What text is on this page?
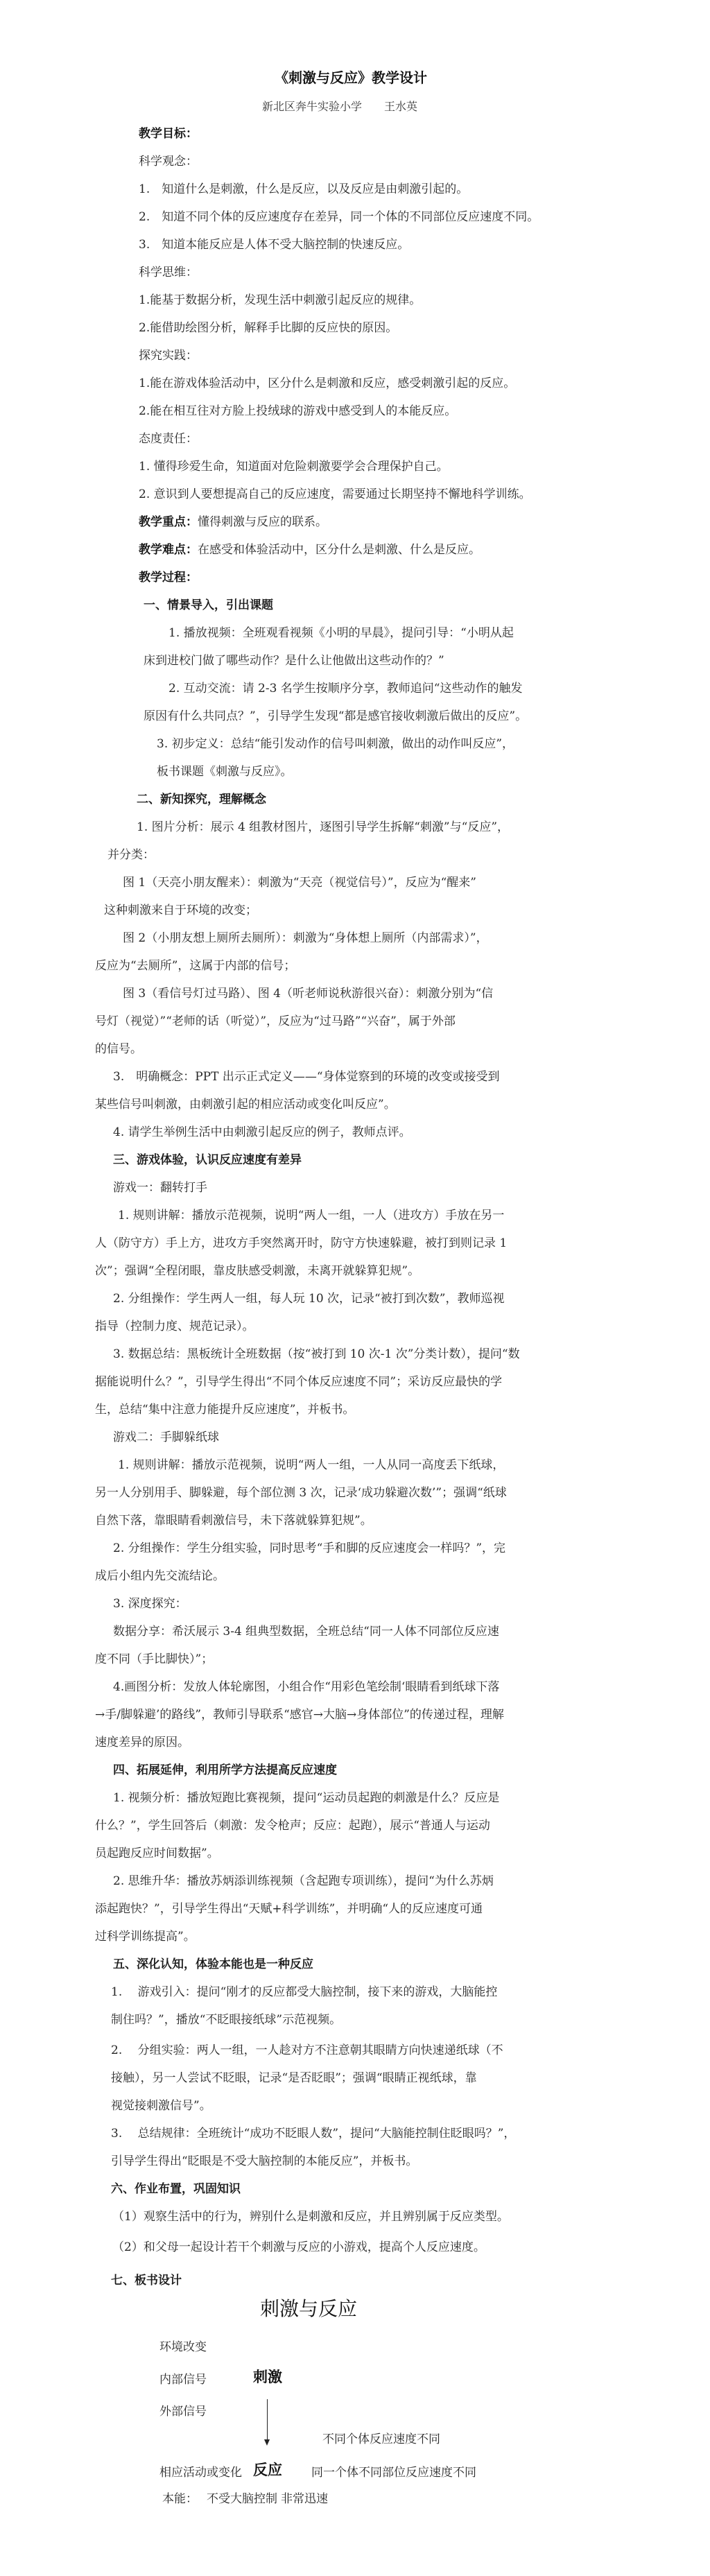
《刺激与反应》教学设计
新北区奔牛实验小学　　王水英
教学目标：
科学观念：
1.　知道什么是刺激，什么是反应，以及反应是由刺激引起的。
2.　知道不同个体的反应速度存在差异，同一个体的不同部位反应速度不同。
3.　知道本能反应是人体不受大脑控制的快速反应。
科学思维：
1.能基于数据分析，发现生活中刺激引起反应的规律。
2.能借助绘图分析，解释手比脚的反应快的原因。
探究实践：
1.能在游戏体验活动中，区分什么是刺激和反应，感受刺激引起的反应。
2.能在相互往对方脸上投绒球的游戏中感受到人的本能反应。
态度责任：
1. 懂得珍爱生命，知道面对危险刺激要学会合理保护自己。
2. 意识到人要想提高自己的反应速度，需要通过长期坚持不懈地科学训练。
教学重点：懂得刺激与反应的联系。
教学难点：在感受和体验活动中，区分什么是刺激、什么是反应。
教学过程：
一、情景导入，引出课题
1. 播放视频：全班观看视频《小明的早晨》，提问引导：“小明从起
床到进校门做了哪些动作？是什么让他做出这些动作的？”
2. 互动交流：请 2-3 名学生按顺序分享，教师追问“这些动作的触发
原因有什么共同点？”，引导学生发现“都是感官接收刺激后做出的反应”。
3. 初步定义：总结“能引发动作的信号叫刺激，做出的动作叫反应”，
板书课题《刺激与反应》。
二、新知探究，理解概念
1. 图片分析：展示 4 组教材图片，逐图引导学生拆解“刺激”与“反应”，
并分类：
图 1（天亮小朋友醒来）：刺激为“天亮（视觉信号）”，反应为“醒来”
这种刺激来自于环境的改变；
图 2（小朋友想上厕所去厕所）：刺激为“身体想上厕所（内部需求）”，
反应为“去厕所”，这属于内部的信号；
图 3（看信号灯过马路）、图 4（听老师说秋游很兴奋）：刺激分别为“信
号灯（视觉）”“老师的话（听觉）”，反应为“过马路”“兴奋”，属于外部
的信号。
3.　明确概念：PPT 出示正式定义——“身体觉察到的环境的改变或接受到
某些信号叫刺激，由刺激引起的相应活动或变化叫反应”。
4. 请学生举例生活中由刺激引起反应的例子，教师点评。
三、游戏体验，认识反应速度有差异
游戏一：翻转打手
1. 规则讲解：播放示范视频，说明“两人一组，一人（进攻方）手放在另一
人（防守方）手上方，进攻方手突然离开时，防守方快速躲避，被打到则记录 1
次”；强调“全程闭眼，靠皮肤感受刺激，未离开就躲算犯规”。
2. 分组操作：学生两人一组，每人玩 10 次，记录“被打到次数”，教师巡视
指导（控制力度、规范记录）。
3. 数据总结：黑板统计全班数据（按“被打到 10 次-1 次”分类计数），提问“数
据能说明什么？”，引导学生得出“不同个体反应速度不同”；采访反应最快的学
生，总结“集中注意力能提升反应速度”，并板书。
游戏二：手脚躲纸球
1. 规则讲解：播放示范视频，说明“两人一组，一人从同一高度丢下纸球，
另一人分别用手、脚躲避，每个部位测 3 次，记录‘成功躲避次数’”；强调“纸球
自然下落，靠眼睛看刺激信号，未下落就躲算犯规”。
2. 分组操作：学生分组实验，同时思考“手和脚的反应速度会一样吗？”，完
成后小组内先交流结论。
3. 深度探究：
数据分享：希沃展示 3-4 组典型数据，全班总结“同一人体不同部位反应速
度不同（手比脚快）”；
4.画图分析：发放人体轮廓图，小组合作“用彩色笔绘制‘眼睛看到纸球下落
→手/脚躲避’的路线”，教师引导联系“感官→大脑→身体部位”的传递过程，理解
速度差异的原因。
四、拓展延伸，利用所学方法提高反应速度
1. 视频分析：播放短跑比赛视频，提问“运动员起跑的刺激是什么？反应是
什么？”，学生回答后（刺激：发令枪声；反应：起跑），展示“普通人与运动
员起跑反应时间数据”。
2. 思维升华：播放苏炳添训练视频（含起跑专项训练），提问“为什么苏炳
添起跑快？”，引导学生得出“天赋+科学训练”，并明确“人的反应速度可通
过科学训练提高”。
五、深化认知，体验本能也是一种反应
1.　 游戏引入：提问“刚才的反应都受大脑控制，接下来的游戏，大脑能控
制住吗？”，播放“不眨眼接纸球”示范视频。
2.　 分组实验：两人一组，一人趁对方不注意朝其眼睛方向快速递纸球（不
接触），另一人尝试不眨眼，记录“是否眨眼”；强调“眼睛正视纸球，靠
视觉接刺激信号”。
3.　 总结规律：全班统计“成功不眨眼人数”，提问“大脑能控制住眨眼吗？”，
引导学生得出“眨眼是不受大脑控制的本能反应”，并板书。
六、作业布置，巩固知识
（1）观察生活中的行为，辨别什么是刺激和反应，并且辨别属于反应类型。
（2）和父母一起设计若干个刺激与反应的小游戏，提高个人反应速度。
七、板书设计
刺激与反应
环境改变
内部信号	刺激
外部信号
不同个体反应速度不同
相应活动或变化 反应 同一个体不同部位反应速度不同
本能： 不受大脑控制 非常迅速
